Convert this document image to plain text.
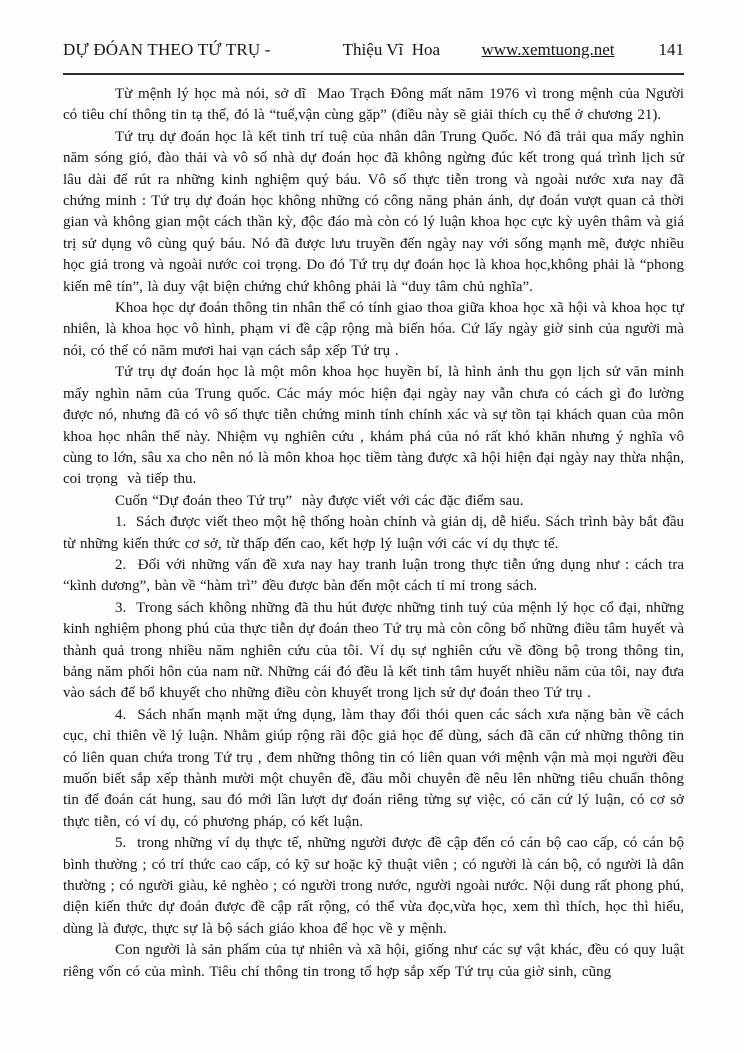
DỰ ĐÓAN THEO TỨ TRỤ -	Thiệu Vĩ  Hoa www.xemtuong.net	141

Từ mệnh lý học mà nói, sở dĩ  Mao Trạch Đông mất năm 1976 vì trong mệnh của Người có tiêu chí thông tin tạ thế, đó là “tuế,vận cùng gặp” (điều này sẽ giải thích cụ thể ở chương 21).

Tứ trụ dự đoán học là kết tinh trí tuệ của nhân dân Trung Quốc. Nó đã trải qua mấy nghìn năm sóng gió, đào thải và vô số nhà dự đoán học đã không ngừng đúc kết trong quá trình lịch sử lâu dài để rút ra những kinh nghiệm quý báu. Vô số thực tiễn trong và ngoài nước xưa nay đã chứng minh : Tứ trụ dự đoán học không những có công năng phản ánh, dự đoán vượt quan cả thời gian và không gian một cách thần kỳ, độc đáo mà còn có lý luận khoa học cực kỳ uyên thâm và giá trị sử dụng vô cùng quý báu. Nó đã được lưu truyền đến ngày nay với sống mạnh mẽ, được nhiều học giả trong và ngoài nước coi trọng. Do đó Tứ trụ dự đoán học là khoa học,không phải là “phong kiến mê tín”, là duy vật biện chứng chứ không phải là “duy tâm chủ nghĩa”.

Khoa học dự đoán thông tin nhân thể có tính giao thoa giữa khoa học xã hội và khoa học tự nhiên, là khoa học vô hình, phạm vi đề cập rộng mà biến hóa. Cứ lấy ngày giờ sinh của người mà nói, có thể có năm mươi hai vạn cách sắp xếp Tứ trụ .

Tứ trụ dự đoán học là một môn khoa học huyền bí, là hình ảnh thu gọn lịch sử văn minh mấy nghìn năm của Trung quốc. Các máy móc hiện đại ngày nay vẫn chưa có cách gì đo lường được nó, nhưng đã có vô số thực tiễn chứng minh tính chính xác và sự tồn tại khách quan của môn khoa học nhân thể này. Nhiệm vụ nghiên cứu , khám phá của nó rất khó khăn nhưng ý nghĩa vô cùng to lớn, sâu xa cho nên nó là môn khoa học tiềm tàng được xã hội hiện đại ngày nay thừa nhận, coi trọng  và tiếp thu.

Cuốn “Dự đoán theo Tứ trụ”  này được viết với các đặc điểm sau.

1.  Sách được viết theo một hệ thống hoàn chỉnh và giản dị, dễ hiểu. Sách trình bày bắt đầu từ những kiến thức cơ sở, từ thấp đến cao, kết hợp lý luận với các ví dụ thực tế.

2.  Đối với những vấn đề xưa nay hay tranh luận trong thực tiễn ứng dụng như : cách tra “kình dương”, bàn về “hàm trì” đều được bàn đến một cách tỉ mỉ trong sách.

3.  Trong sách không những đã thu hút được những tinh tuý của mệnh lý học cổ đại, những kinh nghiệm phong phú của thực tiễn dự đoán theo Tứ trụ mà còn công bố những điều tâm huyết và thành quả trong nhiều năm nghiên cứu của tôi. Ví dụ sự nghiên cứu về đồng bộ trong thông tin, bảng năm phối hôn của nam nữ. Những cái đó đều là kết tinh tâm huyết nhiều năm của tôi, nay đưa vào sách để bổ khuyết cho những điều còn khuyết trong lịch sử dự đoán theo Tứ trụ .

4.  Sách nhấn mạnh mặt ứng dụng, làm thay đổi thói quen các sách xưa nặng bàn về cách cục, chỉ thiên về lý luận. Nhằm giúp rộng rãi độc giả học để dùng, sách đã căn cứ những thông tin có liên quan chứa trong Tứ trụ , đem những thông tin có liên quan với mệnh vận mà mọi người đều muốn biết sắp xếp thành mười một chuyên đề, đầu mỗi chuyên đề nêu lên những tiêu chuẩn thông tin để đoán cát hung, sau đó mới lần lượt dự đoán riêng từng sự việc, có căn cứ lý luận, có cơ sở thực tiễn, có ví dụ, có phương pháp, có kết luận.

5.  trong những ví dụ thực tế, những người được đề cập đến có cán bộ cao cấp, có cán bộ bình thường ; có trí thức cao cấp, có kỹ sư hoặc kỹ thuật viên ; có người là cán bộ, có người là dân thường ; có người giàu, kẻ nghèo ; có người trong nước, người ngoài nước. Nội dung rất phong phú, diện kiến thức dự đoán được đề cập rất rộng, có thể vừa đọc,vừa học, xem thì thích, học thì hiểu, dùng là được, thực sự là bộ sách giáo khoa để học về y mệnh.

Con người là sản phẩm của tự nhiên và xã hội, giống như các sự vật khác, đều có quy luật riêng vốn có của mình. Tiêu chí thông tin trong tổ hợp sắp xếp Tứ trụ của giờ sinh, cũng
